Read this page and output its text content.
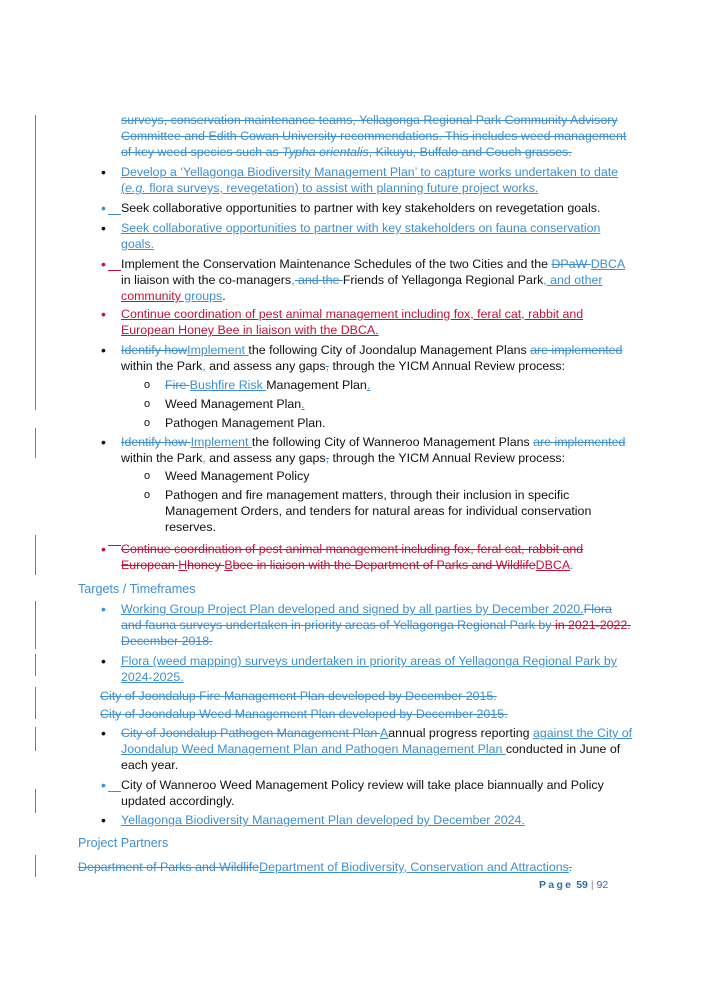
surveys, conservation maintenance teams, Yellagonga Regional Park Community Advisory
Committee and Edith Cowan University recommendations. This includes weed management
of key weed species such as Typha orientalis, Kikuyu, Buffalo and Couch grasses.
• Develop a ‘Yellagonga Biodiversity Management Plan’ to capture works undertaken to date
(e.g. flora surveys, revegetation) to assist with planning future project works.
• Seek collaborative opportunities to partner with key stakeholders on revegetation goals.
• Seek collaborative opportunities to partner with key stakeholders on fauna conservation
goals.
• Implement the Conservation Maintenance Schedules of the two Cities and the DPaW DBCA
in liaison with the co-managers, and the Friends of Yellagonga Regional Park, and other
community groups.
• Continue coordination of pest animal management including fox, feral cat, rabbit and
European Honey Bee in liaison with the DBCA.
• Identify howImplement the following City of Joondalup Management Plans are implemented
within the Park, and assess any gaps, through the YICM Annual Review process:
o Fire Bushfire Risk Management Plan.
o Weed Management Plan.
o Pathogen Management Plan.
• Identify how Implement the following City of Wanneroo Management Plans are implemented
within the Park, and assess any gaps, through the YICM Annual Review process:
o Weed Management Policy
o Pathogen and fire management matters, through their inclusion in specific
Management Orders, and tenders for natural areas for individual conservation
reserves.
• Continue coordination of pest animal management including fox, feral cat, rabbit and
European Hhoney Bbee in liaison with the Department of Parks and WildlifeDBCA.
Targets / Timeframes
• Working Group Project Plan developed and signed by all parties by December 2020.Flora
and fauna surveys undertaken in priority areas of Yellagonga Regional Park by in 2021-2022.
December 2018.
• Flora (weed mapping) surveys undertaken in priority areas of Yellagonga Regional Park by
2024-2025.
City of Joondalup Fire Management Plan developed by December 2015.
City of Joondalup Weed Management Plan developed by December 2015.
• City of Joondalup Pathogen Management Plan Aannual progress reporting against the City of
Joondalup Weed Management Plan and Pathogen Management Plan conducted in June of
each year.
• City of Wanneroo Weed Management Policy review will take place biannually and Policy
updated accordingly.
• Yellagonga Biodiversity Management Plan developed by December 2024.
Project Partners
Department of Parks and WildlifeDepartment of Biodiversity, Conservation and Attractions.
Page 59 | 92
